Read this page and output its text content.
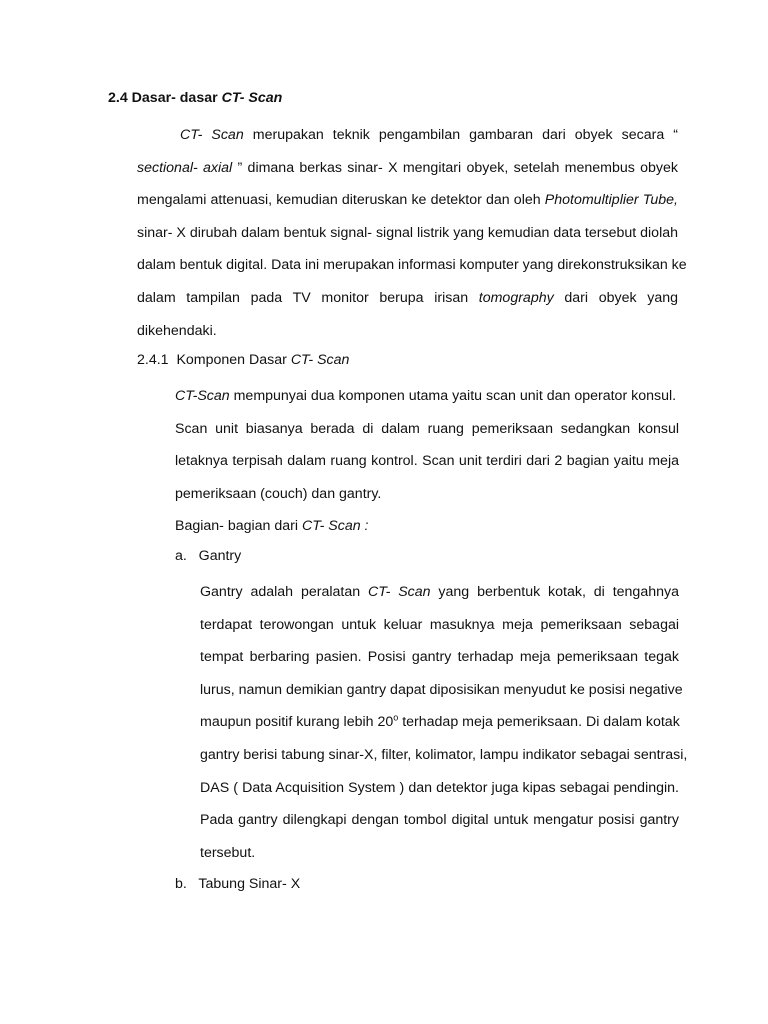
2.4 Dasar- dasar CT- Scan
CT- Scan merupakan teknik pengambilan gambaran dari obyek secara “
sectional- axial ” dimana berkas sinar- X mengitari obyek, setelah menembus obyek
mengalami attenuasi, kemudian diteruskan ke detektor dan oleh Photomultiplier Tube,
sinar- X dirubah dalam bentuk signal- signal listrik yang kemudian data tersebut diolah
dalam bentuk digital. Data ini merupakan informasi komputer yang direkonstruksikan ke
dalam tampilan pada TV monitor berupa irisan tomography dari obyek yang
dikehendaki.
2.4.1 Komponen Dasar CT- Scan
CT-Scan mempunyai dua komponen utama yaitu scan unit dan operator konsul.
Scan unit biasanya berada di dalam ruang pemeriksaan sedangkan konsul
letaknya terpisah dalam ruang kontrol. Scan unit terdiri dari 2 bagian yaitu meja
pemeriksaan (couch) dan gantry.
Bagian- bagian dari CT- Scan :
a. Gantry
Gantry adalah peralatan CT- Scan yang berbentuk kotak, di tengahnya
terdapat terowongan untuk keluar masuknya meja pemeriksaan sebagai
tempat berbaring pasien. Posisi gantry terhadap meja pemeriksaan tegak
lurus, namun demikian gantry dapat diposisikan menyudut ke posisi negative
maupun positif kurang lebih 20$^o$ terhadap meja pemeriksaan. Di dalam kotak
gantry berisi tabung sinar-X, filter, kolimator, lampu indikator sebagai sentrasi,
DAS ( Data Acquisition System ) dan detektor juga kipas sebagai pendingin.
Pada gantry dilengkapi dengan tombol digital untuk mengatur posisi gantry
tersebut.
b. Tabung Sinar- X
